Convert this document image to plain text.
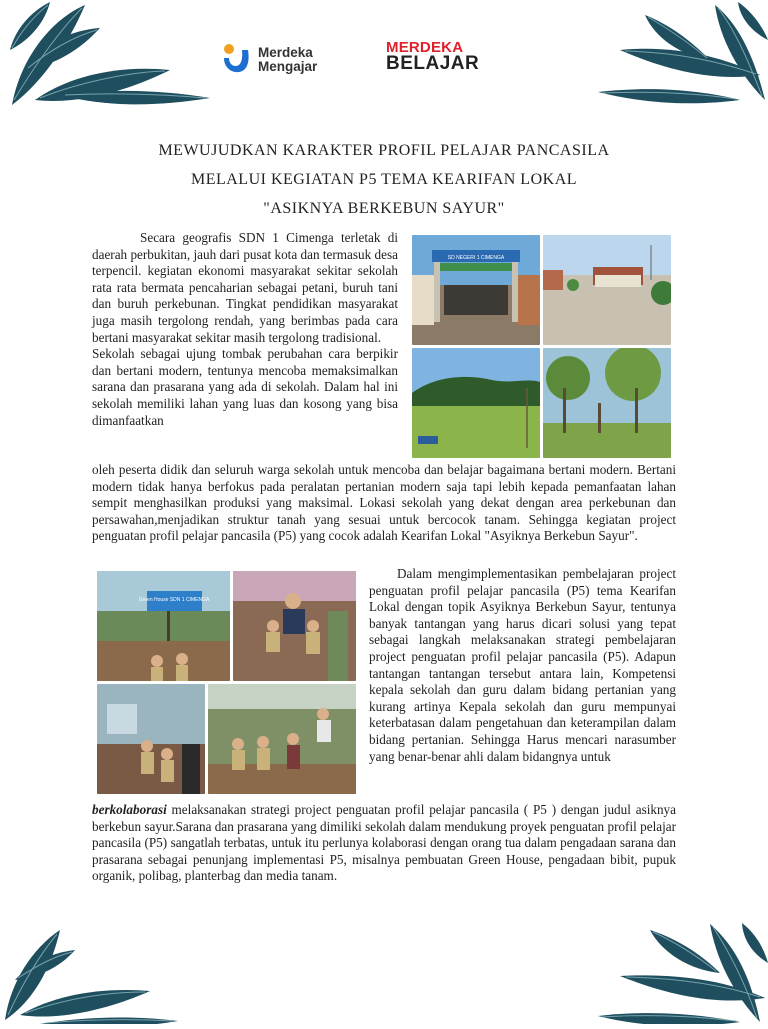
Merdeka
Mengajar
MERDEKA
BELAJAR
MEWUJUDKAN KARAKTER PROFIL PELAJAR PANCASILA
MELALUI KEGIATAN P5 TEMA KEARIFAN LOKAL
"ASIKNYA BERKEBUN SAYUR"
SD NEGERI 1 CIMENGA

Secara geografis SDN 1 Cimenga terletak di daerah perbukitan, jauh dari pusat kota dan termasuk desa terpencil. kegiatan ekonomi masyarakat sekitar sekolah rata rata bermata pencaharian sebagai petani, buruh tani dan buruh perkebunan. Tingkat pendidikan masyarakat juga masih tergolong rendah, yang berimbas pada cara bertani masyarakat sekitar masih tergolong tradisional.

Sekolah sebagai ujung tombak perubahan cara berpikir dan bertani modern, tentunya mencoba memaksimalkan sarana dan prasarana yang ada di sekolah. Dalam hal ini sekolah memiliki lahan yang luas dan kosong yang bisa dimanfaatkan

oleh peserta didik dan seluruh warga sekolah untuk mencoba dan belajar bagaimana bertani modern. Bertani modern tidak hanya berfokus pada peralatan pertanian modern saja tapi lebih kepada pemanfaatan lahan sempit menghasilkan produksi yang maksimal. Lokasi sekolah yang dekat dengan area perkebunan dan persawahan,menjadikan struktur tanah yang sesuai untuk bercocok tanam. Sehingga kegiatan project penguatan profil pelajar pancasila (P5) yang cocok adalah Kearifan Lokal "Asyiknya Berkebun Sayur".

Green House SDN 1 CIMENGA

Dalam mengimplementasikan pembelajaran project penguatan profil pelajar pancasila (P5) tema Kearifan Lokal dengan topik Asyiknya Berkebun Sayur, tentunya banyak tantangan yang harus dicari solusi yang tepat sebagai langkah melaksanakan strategi pembelajaran project penguatan profil pelajar pancasila (P5). Adapun tantangan tantangan tersebut antara lain, Kompetensi kepala sekolah dan guru dalam bidang pertanian yang kurang artinya Kepala sekolah dan guru mempunyai keterbatasan dalam pengetahuan dan keterampilan dalam bidang pertanian. Sehingga Harus mencari narasumber yang benar-benar ahli dalam bidangnya untuk

berkolaborasi melaksanakan strategi project penguatan profil pelajar pancasila ( P5 ) dengan judul asiknya berkebun sayur.Sarana dan prasarana yang dimiliki sekolah dalam mendukung proyek penguatan profil pelajar pancasila (P5) sangatlah terbatas, untuk itu perlunya kolaborasi dengan orang tua dalam pengadaan sarana dan prasarana sebagai penunjang implementasi P5, misalnya pembuatan Green House, pengadaan bibit, pupuk organik, polibag, planterbag dan media tanam.
